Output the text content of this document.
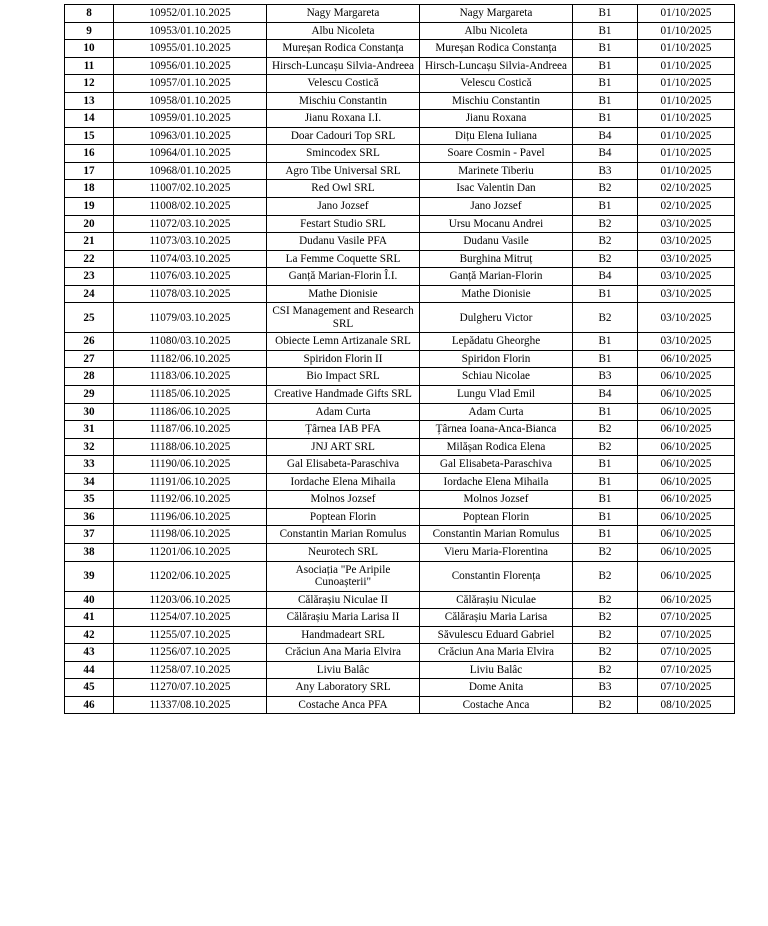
8	10952/01.10.2025	Nagy Margareta	Nagy Margareta	B1	01/10/2025
9	10953/01.10.2025	Albu Nicoleta	Albu Nicoleta	B1	01/10/2025
10	10955/01.10.2025	Mureșan Rodica Constanța	Mureșan Rodica Constanța	B1	01/10/2025
11	10956/01.10.2025	Hirsch-Luncașu Silvia-Andreea	Hirsch-Luncașu Silvia-Andreea	B1	01/10/2025
12	10957/01.10.2025	Velescu Costică	Velescu Costică	B1	01/10/2025
13	10958/01.10.2025	Mischiu Constantin	Mischiu Constantin	B1	01/10/2025
14	10959/01.10.2025	Jianu Roxana I.I.	Jianu Roxana	B1	01/10/2025
15	10963/01.10.2025	Doar Cadouri Top SRL	Dițu Elena Iuliana	B4	01/10/2025
16	10964/01.10.2025	Smincodex SRL	Soare Cosmin - Pavel	B4	01/10/2025
17	10968/01.10.2025	Agro Tibe Universal SRL	Marinete Tiberiu	B3	01/10/2025
18	11007/02.10.2025	Red Owl SRL	Isac Valentin Dan	B2	02/10/2025
19	11008/02.10.2025	Jano Jozsef	Jano Jozsef	B1	02/10/2025
20	11072/03.10.2025	Festart Studio SRL	Ursu Mocanu Andrei	B2	03/10/2025
21	11073/03.10.2025	Dudanu Vasile PFA	Dudanu Vasile	B2	03/10/2025
22	11074/03.10.2025	La Femme Coquette SRL	Burghina Mitruț	B2	03/10/2025
23	11076/03.10.2025	Ganță Marian-Florin Î.I.	Ganță Marian-Florin	B4	03/10/2025
24	11078/03.10.2025	Mathe Dionisie	Mathe Dionisie	B1	03/10/2025
25	11079/03.10.2025	CSI Management and Research SRL	Dulgheru Victor	B2	03/10/2025
26	11080/03.10.2025	Obiecte Lemn Artizanale SRL	Lepădatu Gheorghe	B1	03/10/2025
27	11182/06.10.2025	Spiridon Florin II	Spiridon Florin	B1	06/10/2025
28	11183/06.10.2025	Bio Impact SRL	Schiau Nicolae	B3	06/10/2025
29	11185/06.10.2025	Creative Handmade Gifts SRL	Lungu Vlad Emil	B4	06/10/2025
30	11186/06.10.2025	Adam Curta	Adam Curta	B1	06/10/2025
31	11187/06.10.2025	Țârnea IAB PFA	Țârnea Ioana-Anca-Bianca	B2	06/10/2025
32	11188/06.10.2025	JNJ ART SRL	Milășan Rodica Elena	B2	06/10/2025
33	11190/06.10.2025	Gal Elisabeta-Paraschiva	Gal Elisabeta-Paraschiva	B1	06/10/2025
34	11191/06.10.2025	Iordache Elena Mihaila	Iordache Elena Mihaila	B1	06/10/2025
35	11192/06.10.2025	Molnos Jozsef	Molnos Jozsef	B1	06/10/2025
36	11196/06.10.2025	Poptean Florin	Poptean Florin	B1	06/10/2025
37	11198/06.10.2025	Constantin Marian Romulus	Constantin Marian Romulus	B1	06/10/2025
38	11201/06.10.2025	Neurotech SRL	Vieru Maria-Florentina	B2	06/10/2025
39	11202/06.10.2025	Asociația "Pe Aripile Cunoașterii"	Constantin Florența	B2	06/10/2025
40	11203/06.10.2025	Călărașiu Niculae II	Călărașiu Niculae	B2	06/10/2025
41	11254/07.10.2025	Călărașiu Maria Larisa II	Călărașiu Maria Larisa	B2	07/10/2025
42	11255/07.10.2025	Handmadeart SRL	Săvulescu Eduard Gabriel	B2	07/10/2025
43	11256/07.10.2025	Crăciun Ana Maria Elvira	Crăciun Ana Maria Elvira	B2	07/10/2025
44	11258/07.10.2025	Liviu Balâc	Liviu Balâc	B2	07/10/2025
45	11270/07.10.2025	Any Laboratory SRL	Dome Anita	B3	07/10/2025
46	11337/08.10.2025	Costache Anca PFA	Costache Anca	B2	08/10/2025
